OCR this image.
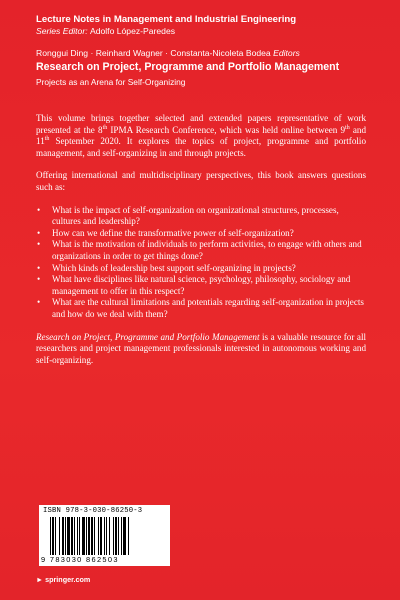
Lecture Notes in Management and Industrial Engineering
Series Editor: Adolfo López-Paredes
Ronggui Ding · Reinhard Wagner · Constanta-Nicoleta Bodea Editors
Research on Project, Programme and Portfolio Management
Projects as an Arena for Self-Organizing

This volume brings together selected and extended papers representative of work presented at the 8th IPMA Research Conference, which was held online between 9th and 11th September 2020. It explores the topics of project, programme and portfolio management, and self-organizing in and through projects.

Offering international and multidisciplinary perspectives, this book answers questions such as:

• What is the impact of self-organization on organizational structures, processes, cultures and leadership?
• How can we define the transformative power of self-organization?
• What is the motivation of individuals to perform activities, to engage with others and organizations in order to get things done?
• Which kinds of leadership best support self-organizing in projects?
• What have disciplines like natural science, psychology, philosophy, sociology and management to offer in this respect?
• What are the cultural limitations and potentials regarding self-organization in projects and how do we deal with them?

Research on Project, Programme and Portfolio Management is a valuable resource for all researchers and project management professionals interested in autonomous working and self-organizing.

ISBN 978-3-030-86250-3
9 783030 862503
► springer.com
